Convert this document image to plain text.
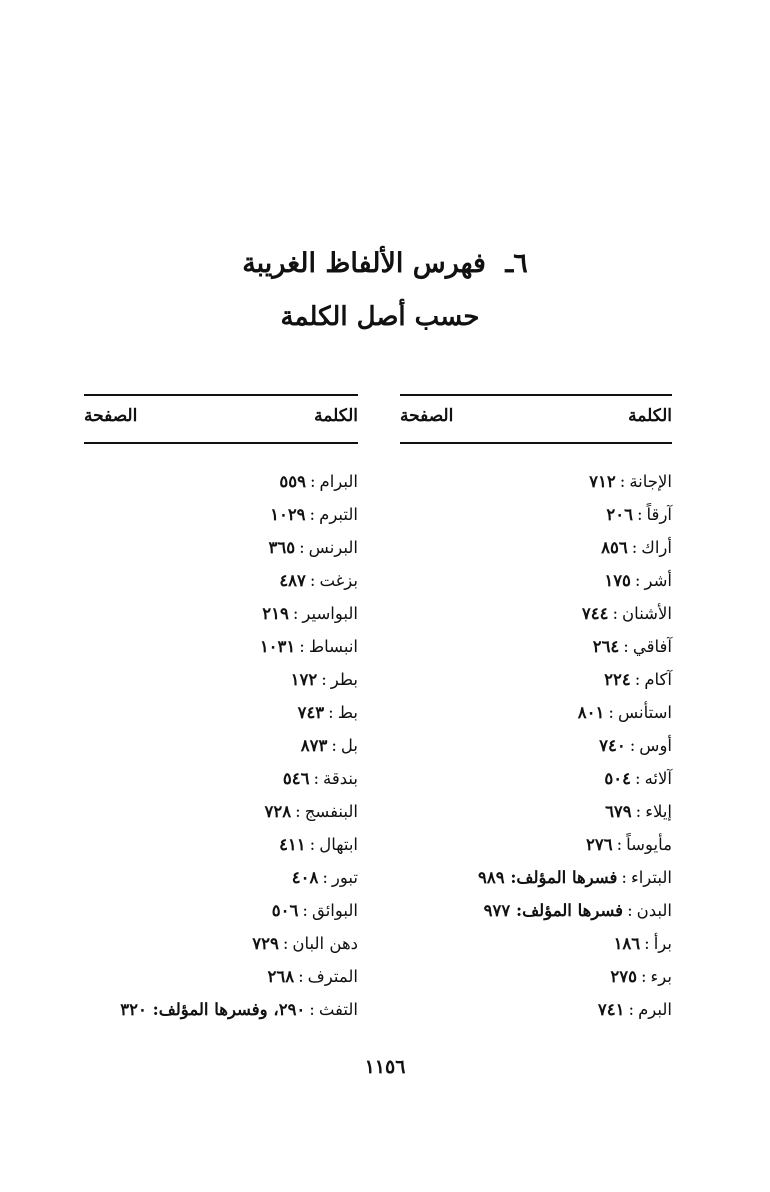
٦ـ فهرس الألفاظ الغريبة
حسب أصل الكلمة
الكلمة
الصفحة
الإجانة:٧١٢
آرقاً:٢٠٦
أراك:٨٥٦
أشر:١٧٥
الأشنان:٧٤٤
آفاقي:٢٦٤
آكام:٢٢٤
استأنس:٨٠١
أوس:٧٤٠
آلائه:٥٠٤
إيلاء:٦٧٩
مأيوساً:٢٧٦
البتراء:فسرها المؤلف: ٩٨٩
البدن:فسرها المؤلف: ٩٧٧
برأ:١٨٦
برء:٢٧٥
البرم:٧٤١
الكلمة
الصفحة
البرام:٥٥٩
التبرم:١٠٢٩
البرنس:٣٦٥
بزغت:٤٨٧
البواسير:٢١٩
انبساط:١٠٣١
بطر:١٧٢
بط:٧٤٣
بل:٨٧٣
بندقة:٥٤٦
البنفسج:٧٢٨
ابتهال:٤١١
تبور:٤٠٨
البوائق:٥٠٦
دهن البان:٧٢٩
المترف:٢٦٨
التفث:٢٩٠، وفسرها المؤلف: ٣٢٠
١١٥٦
